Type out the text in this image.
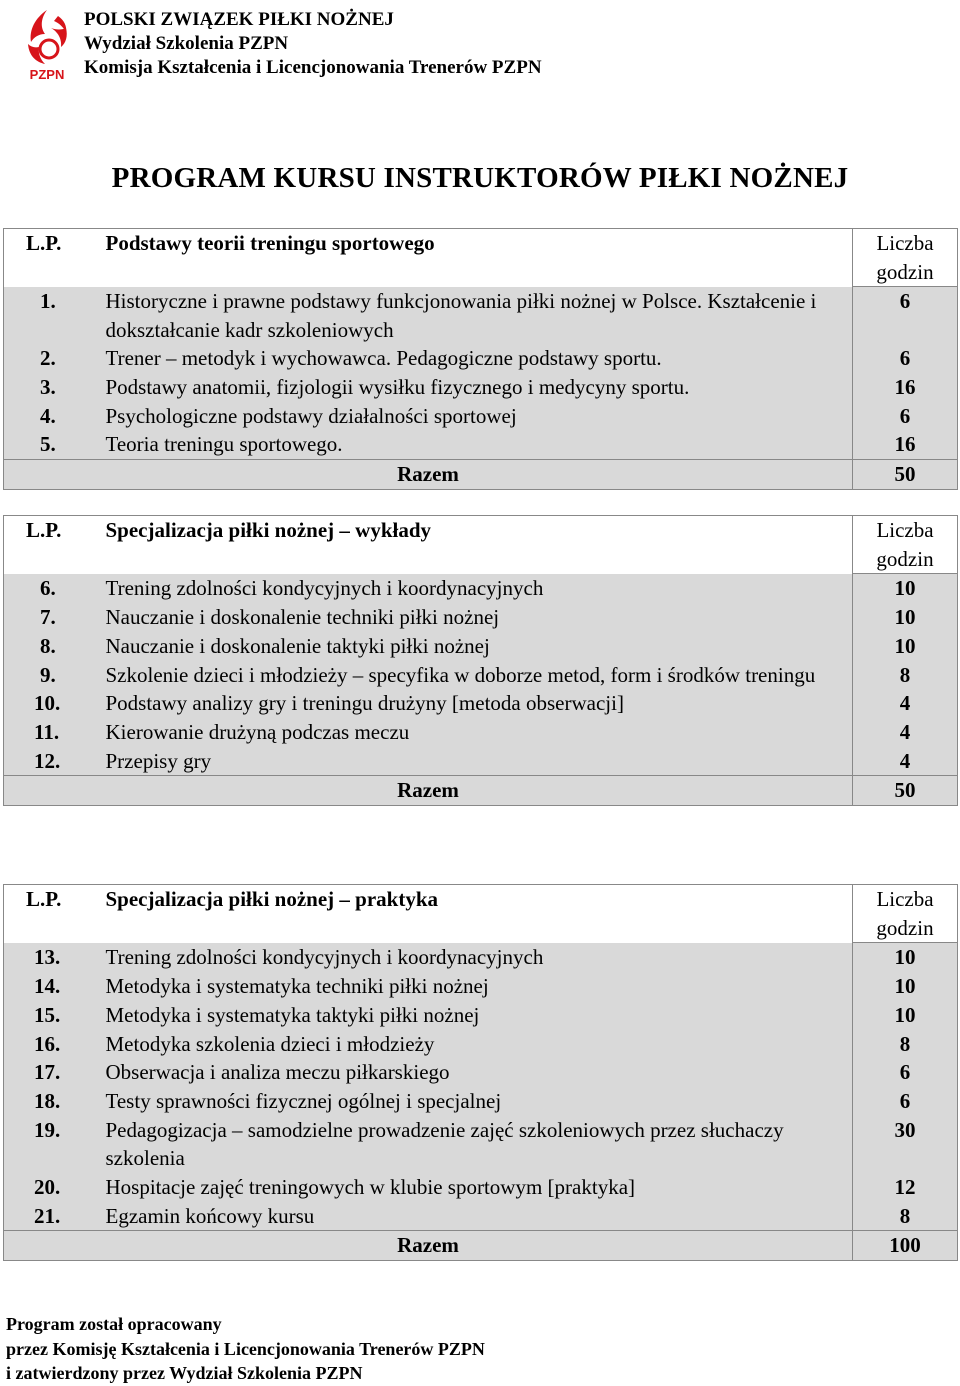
PZPN
POLSKI ZWIĄZEK PIŁKI NOŻNEJ
Wydział Szkolenia PZPN
Komisja Kształcenia i Licencjonowania Trenerów PZPN
PROGRAM KURSU INSTRUKTORÓW PIŁKI NOŻNEJ
L.P.	Podstawy teorii treningu sportowego	Liczba godzin
1.	Historyczne i prawne podstawy funkcjonowania piłki nożnej w Polsce. Kształcenie i dokształcanie kadr szkoleniowych	6
2.	Trener – metodyk i wychowawca. Pedagogiczne podstawy sportu.	6
3.	Podstawy anatomii, fizjologii wysiłku fizycznego i medycyny sportu.	16
4.	Psychologiczne podstawy działalności sportowej	6
5.	Teoria treningu sportowego.	16
Razem		50
L.P.	Specjalizacja piłki nożnej – wykłady	Liczba godzin
6.	Trening zdolności kondycyjnych i koordynacyjnych	10
7.	Nauczanie i doskonalenie techniki piłki nożnej	10
8.	Nauczanie i doskonalenie taktyki piłki nożnej	10
9.	Szkolenie dzieci i młodzieży – specyfika w doborze metod, form i środków treningu	8
10.	Podstawy analizy gry i treningu drużyny [metoda obserwacji]	4
11.	Kierowanie drużyną podczas meczu	4
12.	Przepisy gry	4
Razem		50
L.P.	Specjalizacja piłki nożnej – praktyka	Liczba godzin
13.	Trening zdolności kondycyjnych i koordynacyjnych	10
14.	Metodyka i systematyka techniki piłki nożnej	10
15.	Metodyka i systematyka taktyki piłki nożnej	10
16.	Metodyka szkolenia dzieci i młodzieży	8
17.	Obserwacja i analiza meczu piłkarskiego	6
18.	Testy sprawności fizycznej ogólnej i specjalnej	6
19.	Pedagogizacja – samodzielne prowadzenie zajęć szkoleniowych przez słuchaczy szkolenia	30
20.	Hospitacje zajęć treningowych w klubie sportowym [praktyka]	12
21.	Egzamin końcowy kursu	8
Razem		100
Program został opracowany
przez Komisję Kształcenia i Licencjonowania Trenerów PZPN
i zatwierdzony przez Wydział Szkolenia PZPN
